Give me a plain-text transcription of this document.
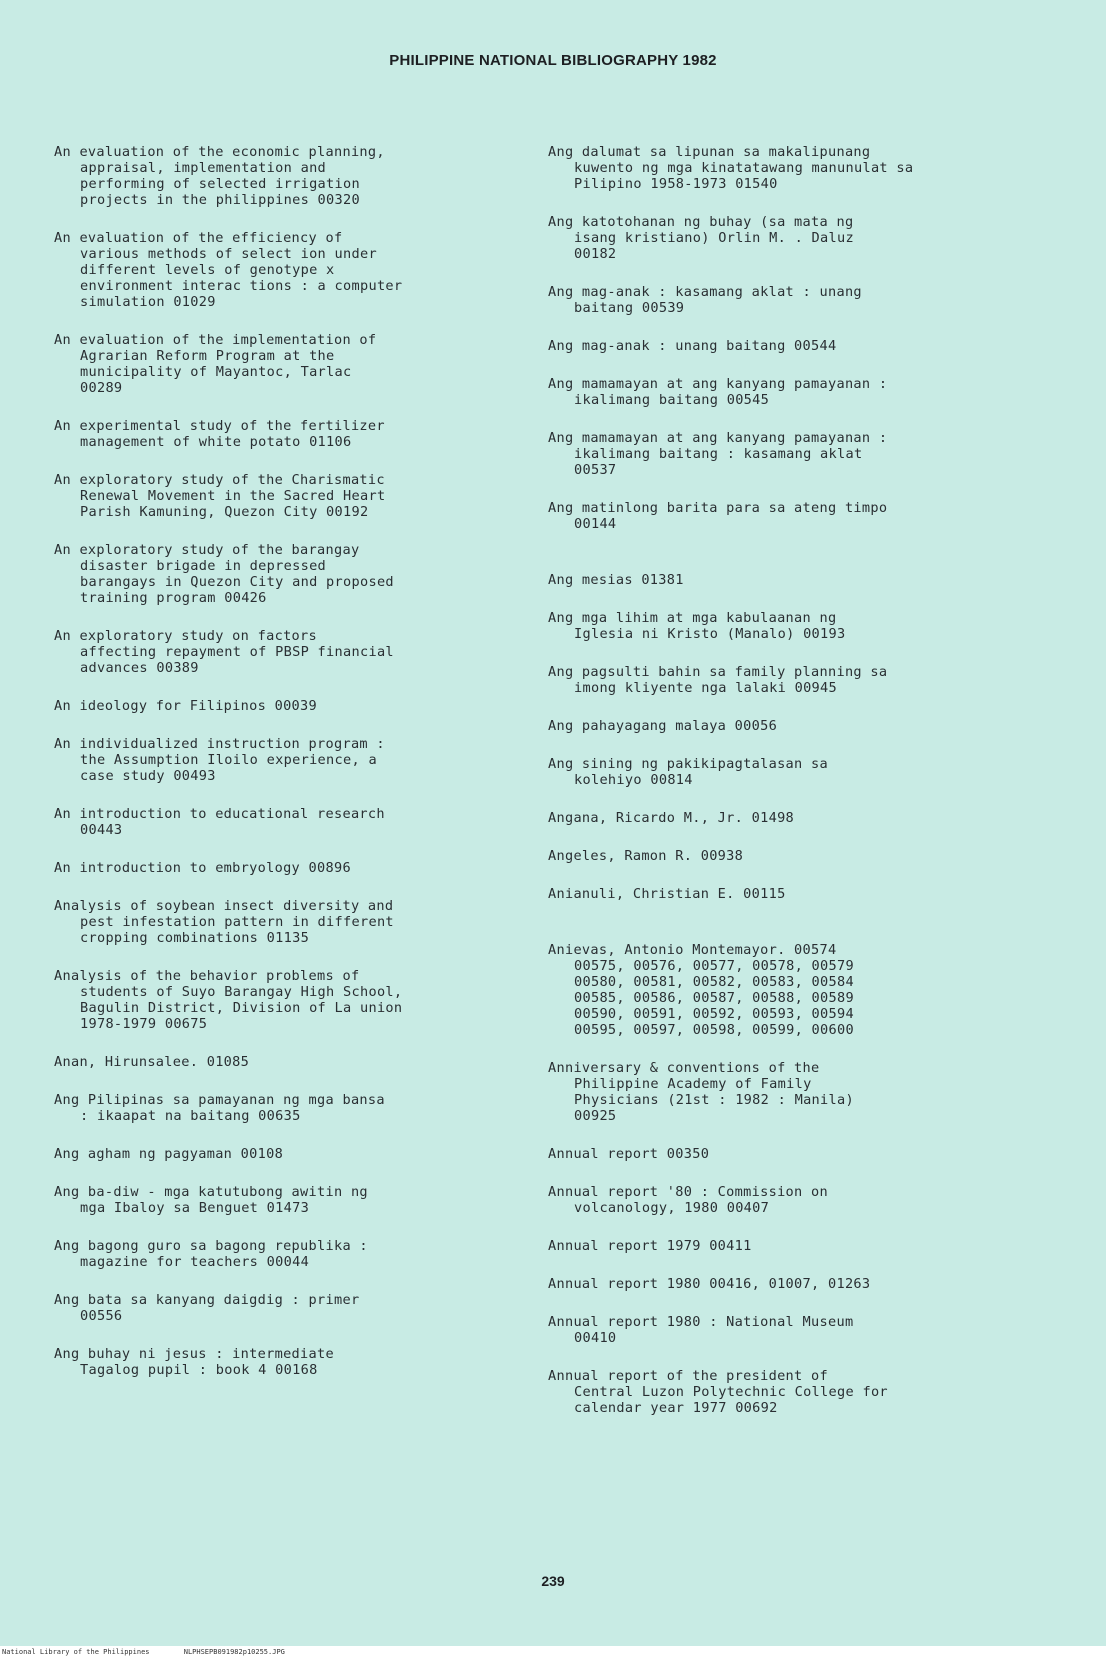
PHILIPPINE NATIONAL BIBLIOGRAPHY 1982
An evaluation of the economic planning,
appraisal, implementation and
performing of selected irrigation
projects in the philippines 00320
An evaluation of the efficiency of
various methods of select ion under
different levels of genotype x
environment interac tions : a computer
simulation 01029
An evaluation of the implementation of
Agrarian Reform Program at the
municipality of Mayantoc, Tarlac
00289
An experimental study of the fertilizer
management of white potato 01106
An exploratory study of the Charismatic
Renewal Movement in the Sacred Heart
Parish Kamuning, Quezon City 00192
An exploratory study of the barangay
disaster brigade in depressed
barangays in Quezon City and proposed
training program 00426
An exploratory study on factors
affecting repayment of PBSP financial
advances 00389
An ideology for Filipinos 00039
An individualized instruction program :
the Assumption Iloilo experience, a
case study 00493
An introduction to educational research
00443
An introduction to embryology 00896
Analysis of soybean insect diversity and
pest infestation pattern in different
cropping combinations 01135
Analysis of the behavior problems of
students of Suyo Barangay High School,
Bagulin District, Division of La union
1978-1979 00675
Anan, Hirunsalee. 01085
Ang Pilipinas sa pamayanan ng mga bansa
: ikaapat na baitang 00635
Ang agham ng pagyaman 00108
Ang ba-diw - mga katutubong awitin ng
mga Ibaloy sa Benguet 01473
Ang bagong guro sa bagong republika :
magazine for teachers 00044
Ang bata sa kanyang daigdig : primer
00556
Ang buhay ni jesus : intermediate
Tagalog pupil : book 4 00168
Ang dalumat sa lipunan sa makalipunang
kuwento ng mga kinatatawang manunulat sa
Pilipino 1958-1973 01540
Ang katotohanan ng buhay (sa mata ng
isang kristiano) Orlin M. . Daluz
00182
Ang mag-anak : kasamang aklat : unang
baitang 00539
Ang mag-anak : unang baitang 00544
Ang mamamayan at ang kanyang pamayanan :
ikalimang baitang 00545
Ang mamamayan at ang kanyang pamayanan :
ikalimang baitang : kasamang aklat
00537
Ang matinlong barita para sa ateng timpo
00144
Ang mesias 01381
Ang mga lihim at mga kabulaanan ng
Iglesia ni Kristo (Manalo) 00193
Ang pagsulti bahin sa family planning sa
imong kliyente nga lalaki 00945
Ang pahayagang malaya 00056
Ang sining ng pakikipagtalasan sa
kolehiyo 00814
Angana, Ricardo M., Jr. 01498
Angeles, Ramon R. 00938
Anianuli, Christian E. 00115
Anievas, Antonio Montemayor. 00574
00575, 00576, 00577, 00578, 00579
00580, 00581, 00582, 00583, 00584
00585, 00586, 00587, 00588, 00589
00590, 00591, 00592, 00593, 00594
00595, 00597, 00598, 00599, 00600
Anniversary & conventions of the
Philippine Academy of Family
Physicians (21st : 1982 : Manila)
00925
Annual report 00350
Annual report '80 : Commission on
volcanology, 1980 00407
Annual report 1979 00411
Annual report 1980 00416, 01007, 01263
Annual report 1980 : National Museum
00410
Annual report of the president of
Central Luzon Polytechnic College for
calendar year 1977 00692
239
National Library of the Philippines	NLPHSEPB091982p10255.JPG
